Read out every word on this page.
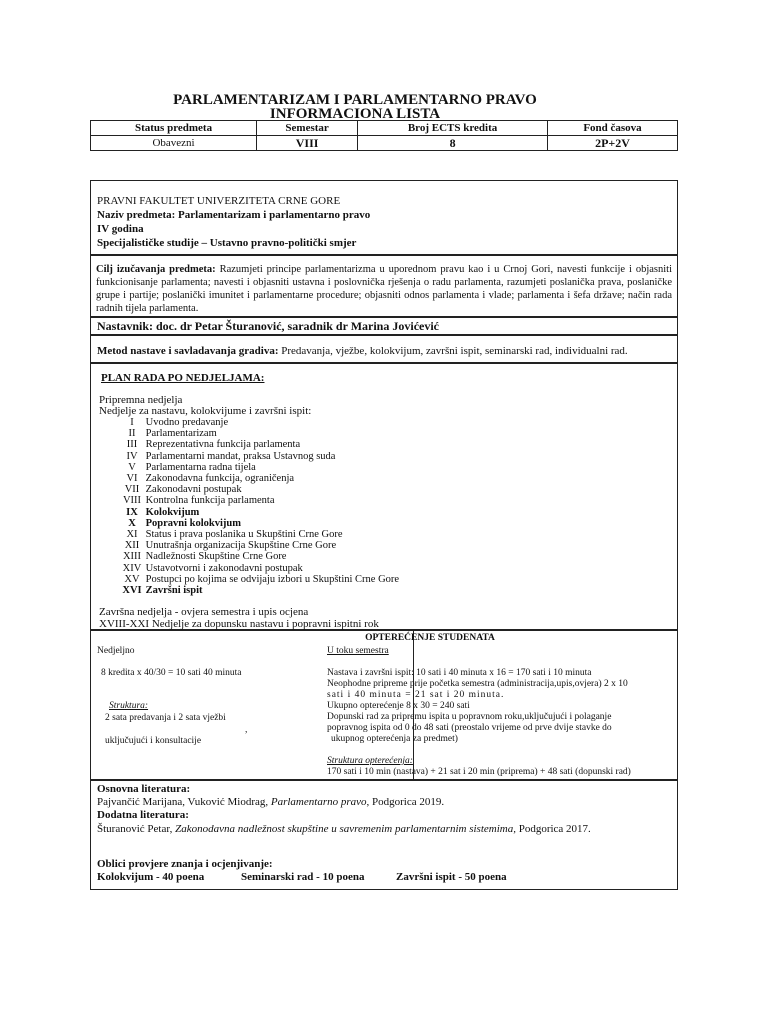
PARLAMENTARIZAM I PARLAMENTARNO PRAVO
INFORMACIONA LISTA
Status predmeta	Semestar	Broj ECTS kredita	Fond časova
Obavezni	VIII	8	2P+2V
PRAVNI FAKULTET UNIVERZITETA CRNE GORE
Naziv predmeta: Parlamentarizam i parlamentarno pravo
IV godina
Specijalističke studije – Ustavno pravno-politički smjer
Cilj izučavanja predmeta: Razumjeti principe parlamentarizma u uporednom pravu kao i u Crnoj Gori, navesti funkcije i objasniti funkcionisanje parlamenta; navesti i objasniti ustavna i poslovnička rješenja o radu parlamenta, razumjeti poslanička prava, poslaničke grupe i partije; poslanički imunitet i parlamentarne procedure; objasniti odnos parlamenta i vlade; parlamenta i šefa države; način rada radnih tijela parlamenta.
Nastavnik: doc. dr Petar Šturanović, saradnik dr Marina Jovićević
Metod nastave i savladavanja gradiva: Predavanja, vježbe, kolokvijum, završni ispit, seminarski rad, individualni rad.
PLAN RADA PO NEDJELJAMA:
Pripremna nedjelja
Nedjelje za nastavu, kolokvijume i završni ispit:
I Uvodno predavanje
II Parlamentarizam
III Reprezentativna funkcija parlamenta
IV Parlamentarni mandat, praksa Ustavnog suda
V Parlamentarna radna tijela
VI Zakonodavna funkcija, ograničenja
VII Zakonodavni postupak
VIII Kontrolna funkcija parlamenta
IX Kolokvijum
X Popravni kolokvijum
XI Status i prava poslanika u Skupštini Crne Gore
XII Unutrašnja organizacija Skupštine Crne Gore
XIII Nadležnosti Skupštine Crne Gore
XIV Ustavotvorni i zakonodavni postupak
XV Postupci po kojima se odvijaju izbori u Skupštini Crne Gore
XVI Završni ispit
Završna nedjelja - ovjera semestra i upis ocjena
XVIII-XXI Nedjelje za dopunsku nastavu i popravni ispitni rok
OPTEREĆENJE STUDENATA
Nedjeljno
8 kredita x 40/30 = 10 sati 40 minuta
Struktura:
2 sata predavanja i 2 sata vježbi
,
uključujući i konsultacije
U toku semestra
Nastava i završni ispit: 10 sati i 40 minuta x 16 = 170 sati i 10 minuta
Neophodne pripreme prije početka semestra (administracija,upis,ovjera) 2 x 10
sati i 40 minuta = 21 sat i 20 minuta.
Ukupno opterećenje 8 x 30 = 240 sati
Dopunski rad za pripremu ispita u popravnom roku,uključujući i polaganje
popravnog ispita od 0 do 48 sati (preostalo vrijeme od prve dvije stavke do
ukupnog opterećenja za predmet)
Struktura opterećenja:
170 sati i 10 min (nastava) + 21 sat i 20 min (priprema) + 48 sati (dopunski rad)
Osnovna literatura:
Pajvančić Marijana, Vuković Miodrag, Parlamentarno pravo, Podgorica 2019.
Dodatna literatura:
Šturanović Petar, Zakonodavna nadležnost skupštine u savremenim parlamentarnim sistemima, Podgorica 2017.
Oblici provjere znanja i ocjenjivanje:
Kolokvijum - 40 poena	Seminarski rad - 10 poena	Završni ispit - 50 poena
